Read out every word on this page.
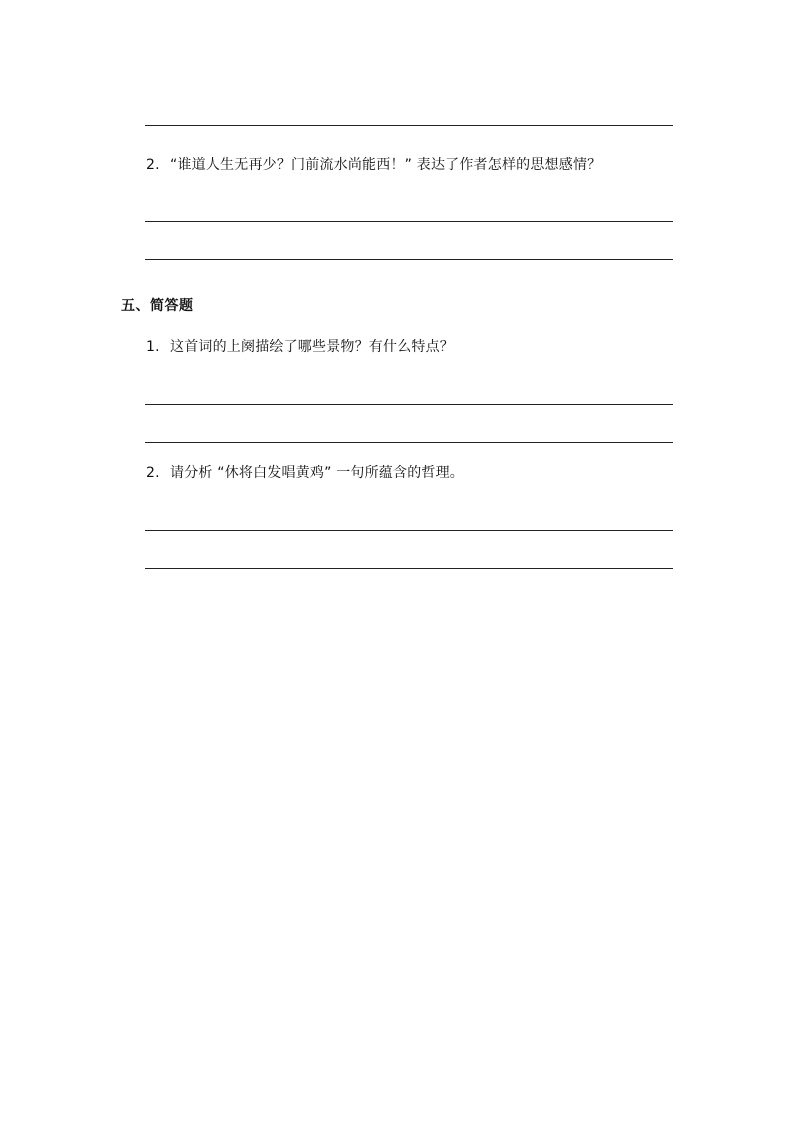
2. “谁道人生无再少？门前流水尚能西！” 表达了作者怎样的思想感情？
五、简答题
1. 这首词的上阕描绘了哪些景物？有什么特点？
2. 请分析 “休将白发唱黄鸡” 一句所蕴含的哲理。
